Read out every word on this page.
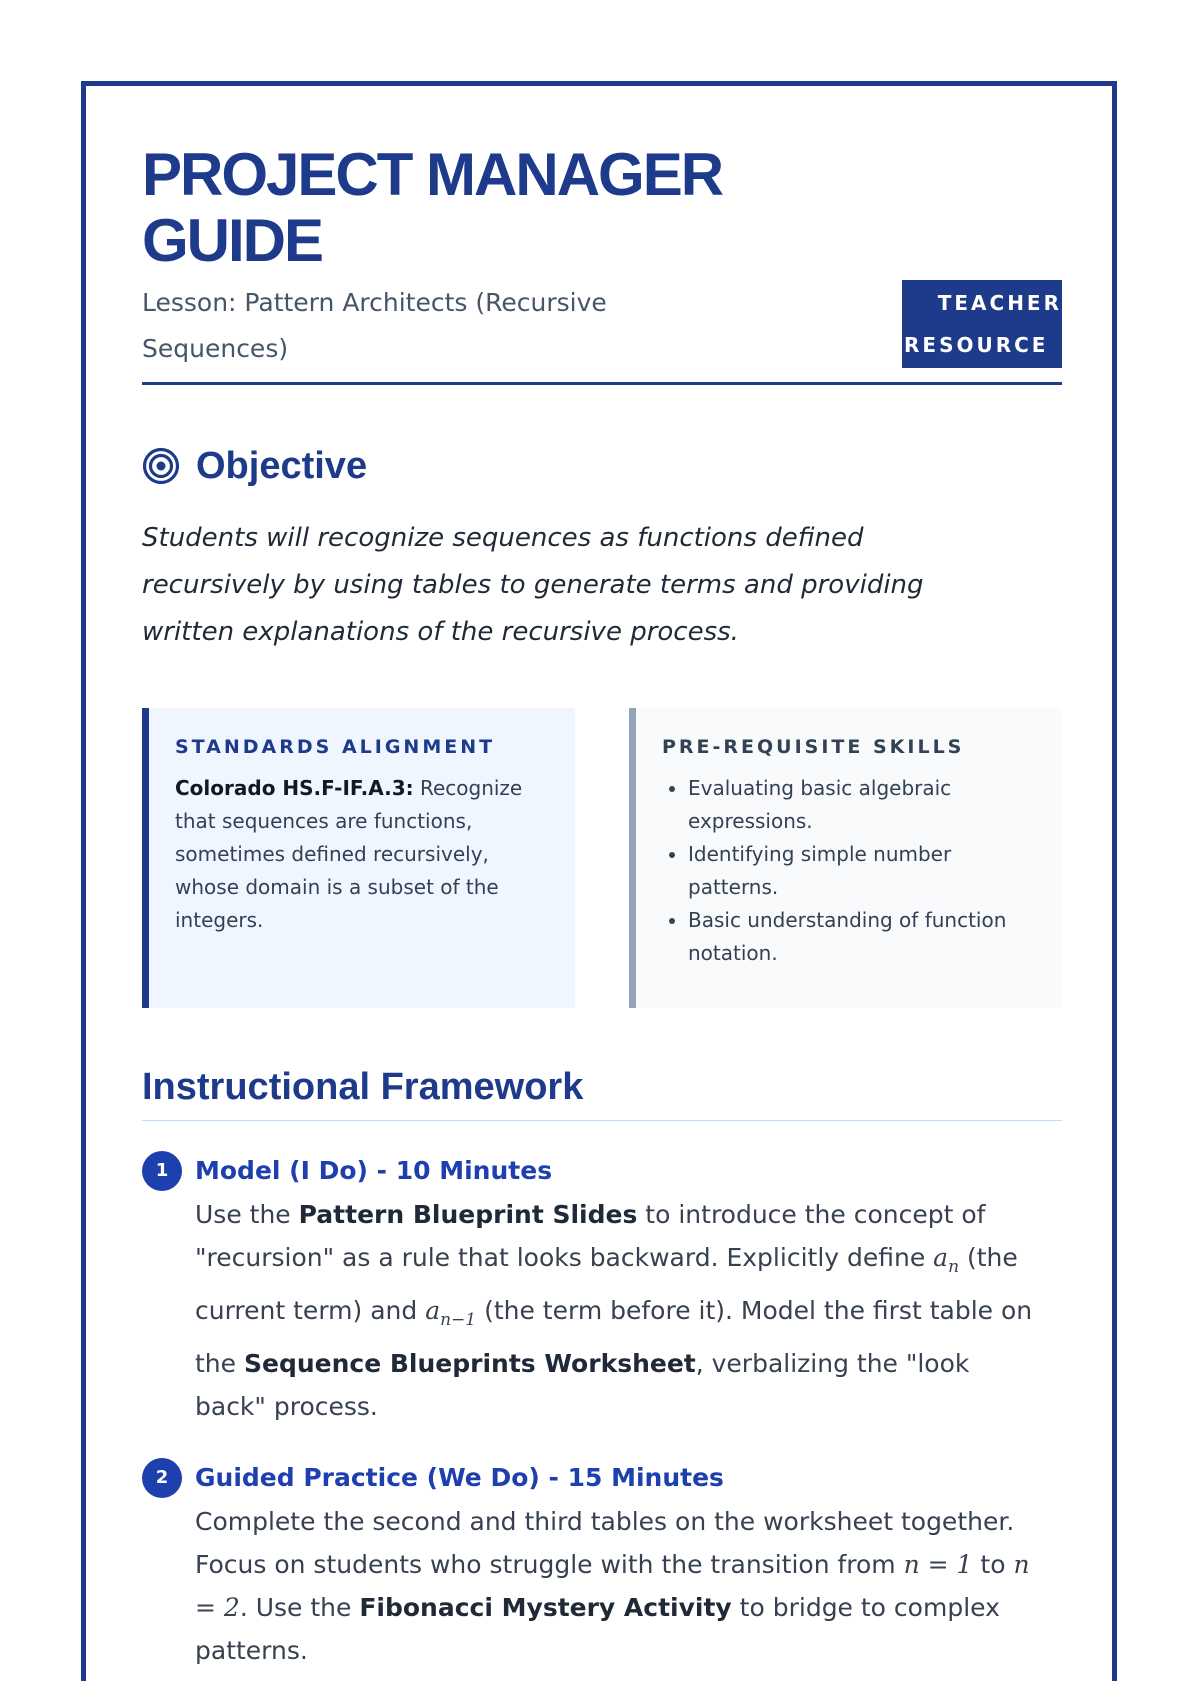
PROJECT MANAGER
GUIDE
Lesson: Pattern Architects (Recursive Sequences)
TEACHER
RESOURCE
Objective
Students will recognize sequences as functions defined recursively by using tables to generate terms and providing written explanations of the recursive process.
STANDARDS ALIGNMENT
Colorado HS.F-IF.A.3: Recognize that sequences are functions, sometimes defined recursively, whose domain is a subset of the integers.
PRE-REQUISITE SKILLS
• Evaluating basic algebraic expressions.
• Identifying simple number patterns.
• Basic understanding of function notation.
Instructional Framework
1	Model (I Do) - 10 Minutes
Use the Pattern Blueprint Slides to introduce the concept of "recursion" as a rule that looks backward. Explicitly define $a_n$ (the current term) and $a_{n-1}$ (the term before it). Model the first table on the Sequence Blueprints Worksheet, verbalizing the "look back" process.
2	Guided Practice (We Do) - 15 Minutes
Complete the second and third tables on the worksheet together. Focus on students who struggle with the transition from n = 1 to n = 2. Use the Fibonacci Mystery Activity to bridge to complex patterns.
